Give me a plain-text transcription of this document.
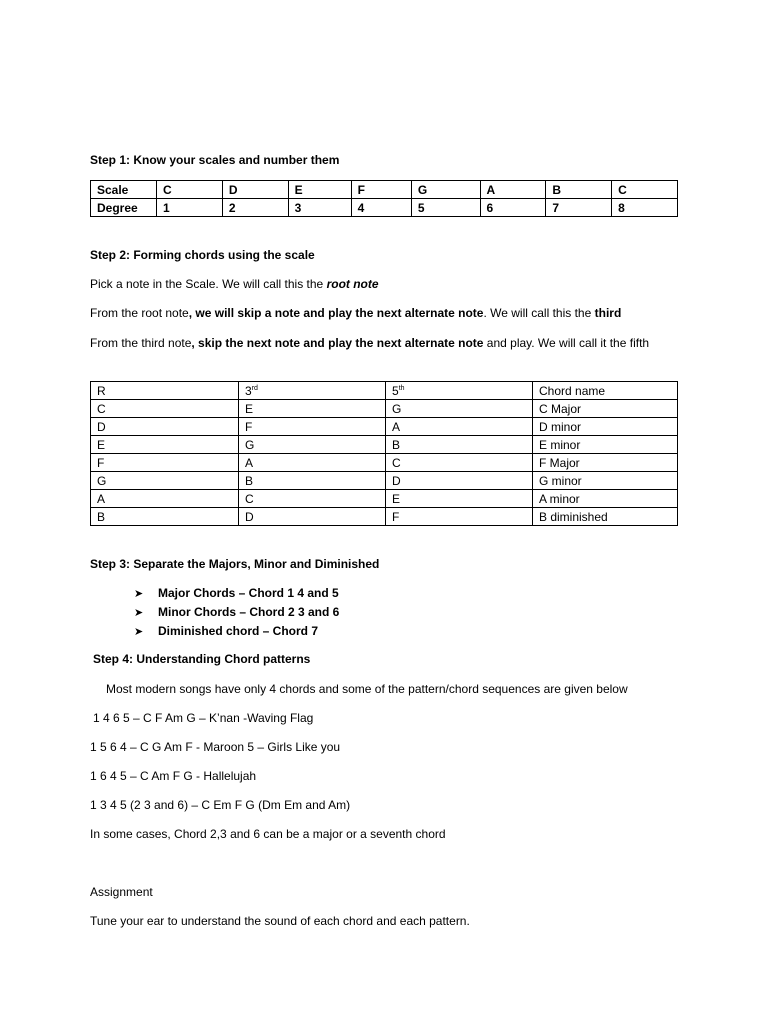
Step 1: Know your scales and number them
Scale	C	D	E	F	G	A	B	C
Degree	1	2	3	4	5	6	7	8
Step 2: Forming chords using the scale
Pick a note in the Scale. We will call this the root note
From the root note, we will skip a note and play the next alternate note. We will call this the third
From the third note, skip the next note and play the next alternate note and play. We will call it the fifth
R	3rd	5th	Chord name
C	E	G	C Major
D	F	A	D minor
E	G	B	E minor
F	A	C	F Major
G	B	D	G minor
A	C	E	A minor
B	D	F	B diminished
Step 3: Separate the Majors, Minor and Diminished
➤ Major Chords – Chord 1 4 and 5
➤ Minor Chords – Chord 2 3 and 6
➤ Diminished chord – Chord 7
Step 4: Understanding Chord patterns
Most modern songs have only 4 chords and some of the pattern/chord sequences are given below
1 4 6 5 – C F Am G – K’nan -Waving Flag
1 5 6 4 – C G Am F - Maroon 5 – Girls Like you
1 6 4 5 – C Am F G - Hallelujah
1 3 4 5 (2 3 and 6) – C Em F G (Dm Em and Am)
In some cases, Chord 2,3 and 6 can be a major or a seventh chord
Assignment
Tune your ear to understand the sound of each chord and each pattern.
